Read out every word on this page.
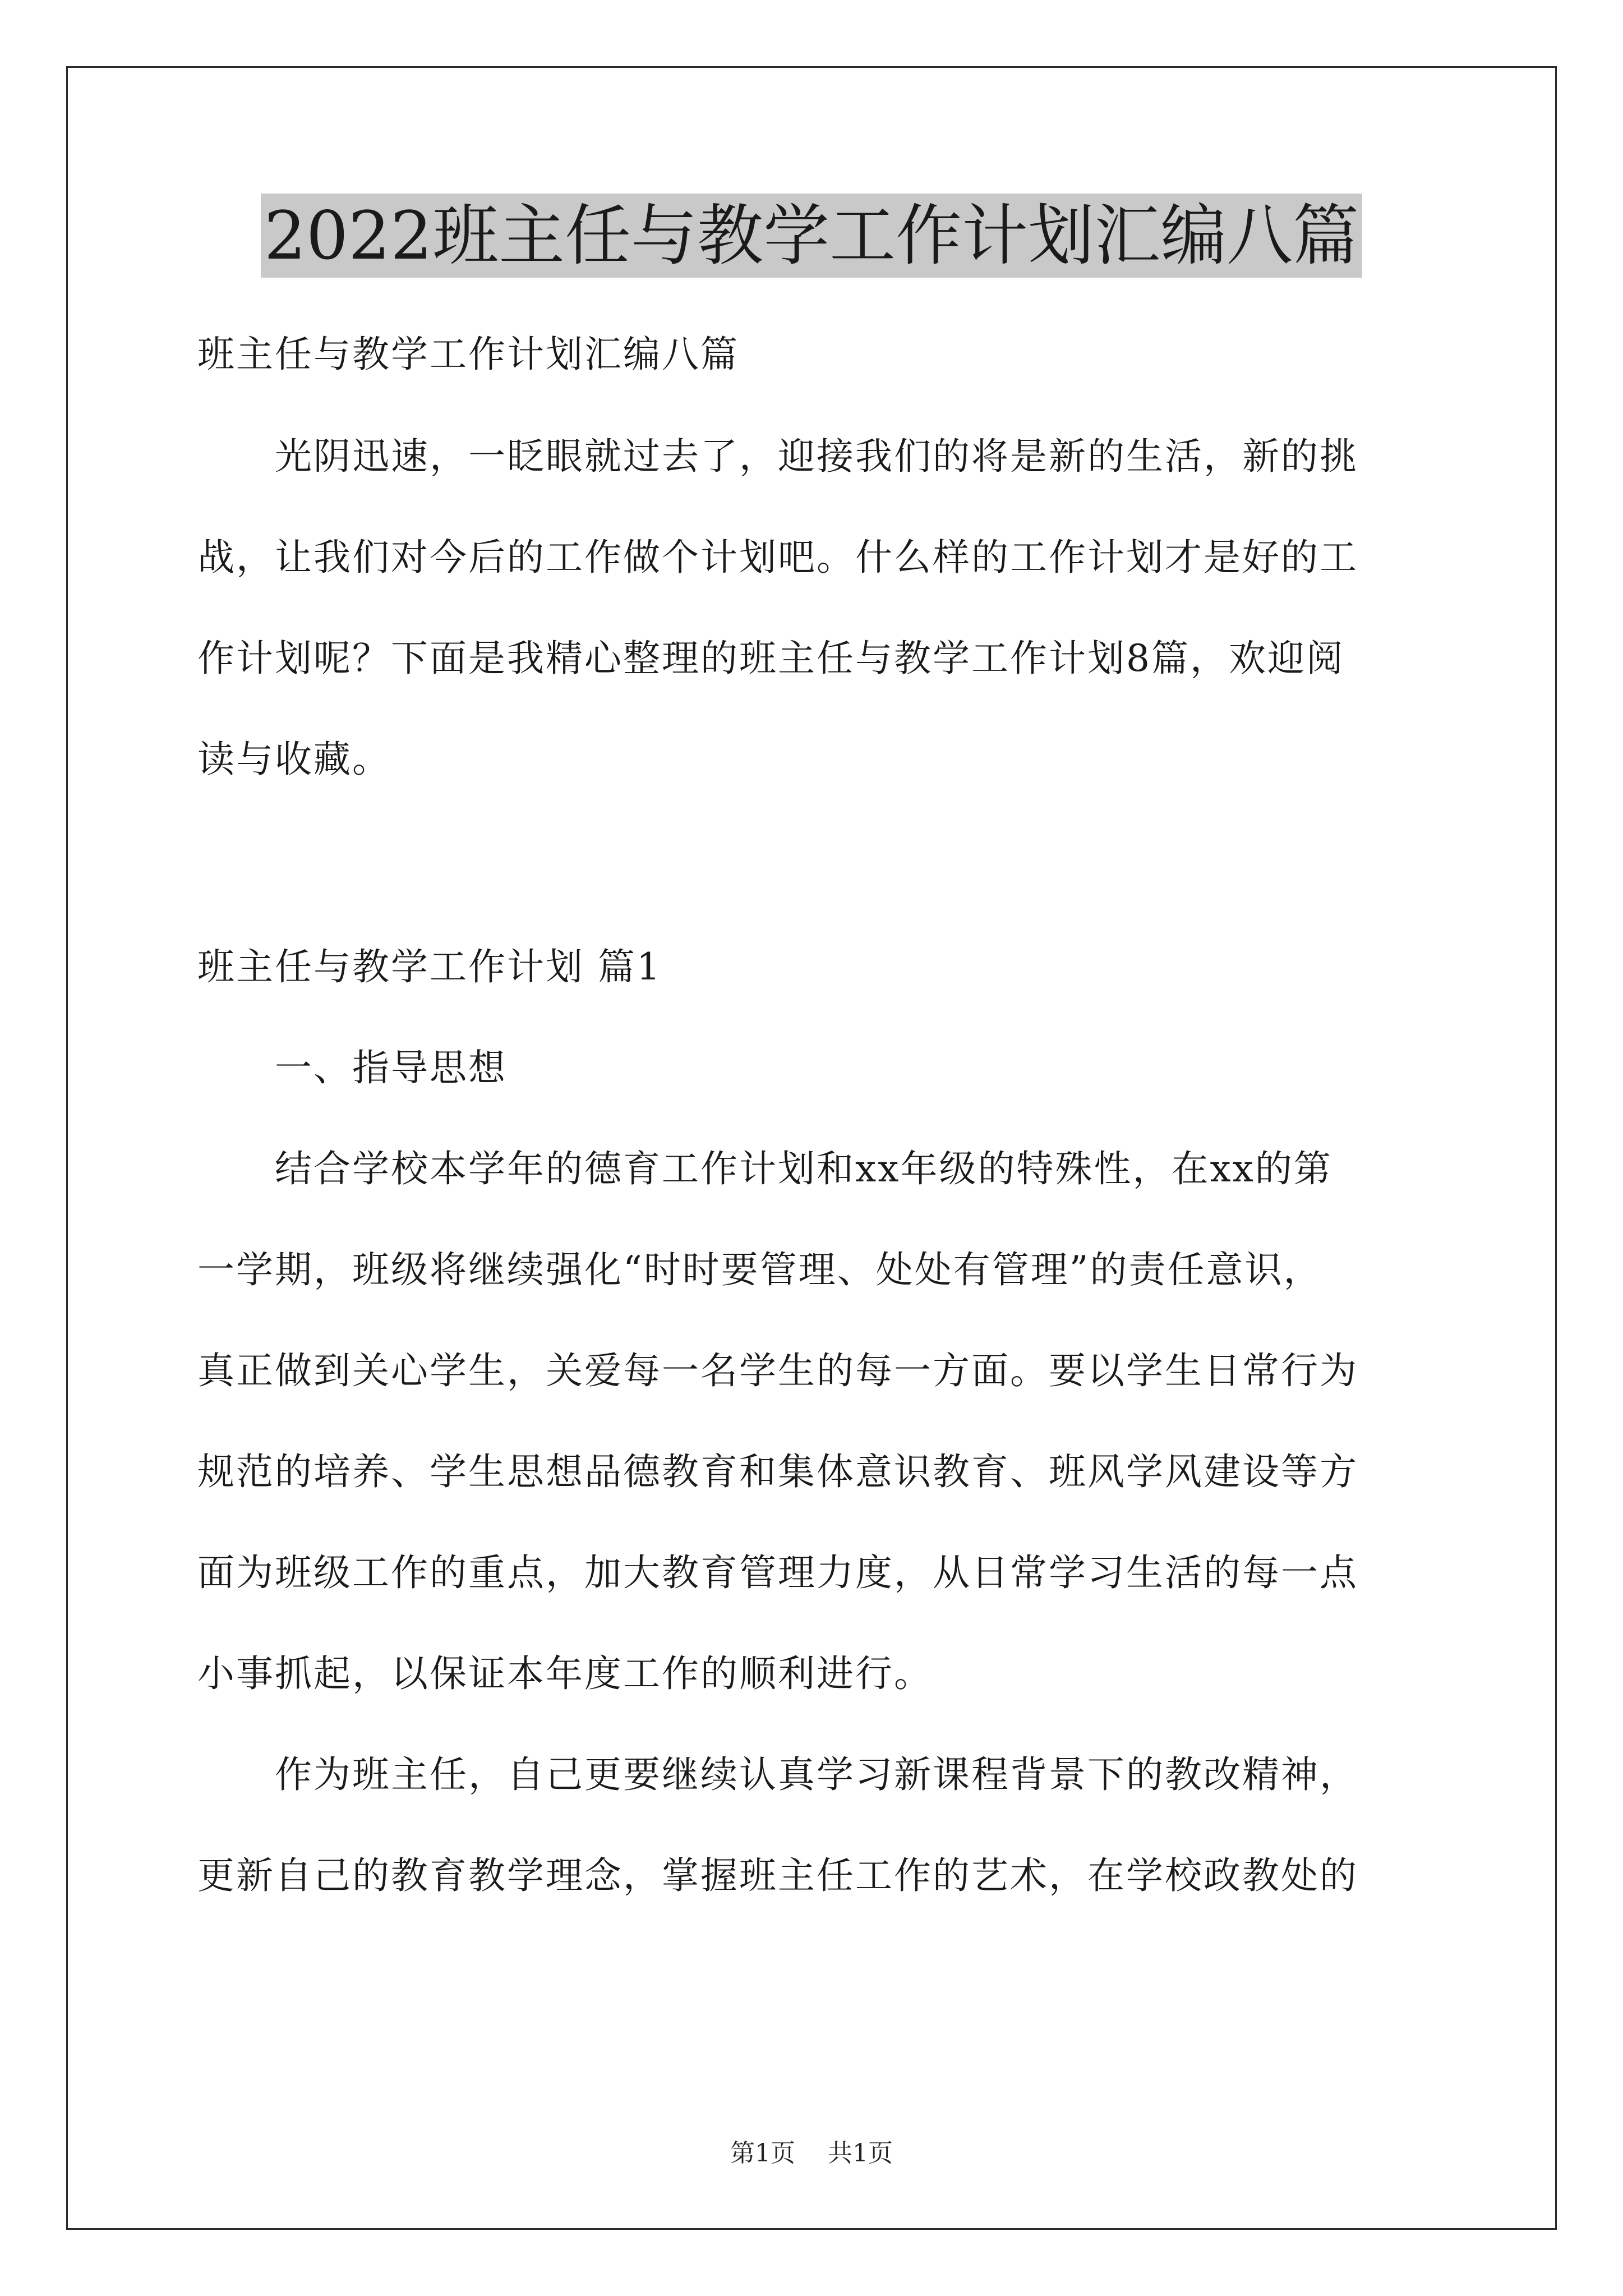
2022班主任与教学工作计划汇编八篇
班主任与教学工作计划汇编八篇
　　光阴迅速，一眨眼就过去了，迎接我们的将是新的生活，新的挑
战，让我们对今后的工作做个计划吧。什么样的工作计划才是好的工
作计划呢？下面是我精心整理的班主任与教学工作计划8篇，欢迎阅
读与收藏。
班主任与教学工作计划 篇1
　　一、指导思想
　　结合学校本学年的德育工作计划和xx年级的特殊性，在xx的第
一学期，班级将继续强化“时时要管理、处处有管理”的责任意识，
真正做到关心学生，关爱每一名学生的每一方面。要以学生日常行为
规范的培养、学生思想品德教育和集体意识教育、班风学风建设等方
面为班级工作的重点，加大教育管理力度，从日常学习生活的每一点
小事抓起，以保证本年度工作的顺利进行。
　　作为班主任，自己更要继续认真学习新课程背景下的教改精神，
更新自己的教育教学理念，掌握班主任工作的艺术，在学校政教处的
第1页 共1页
